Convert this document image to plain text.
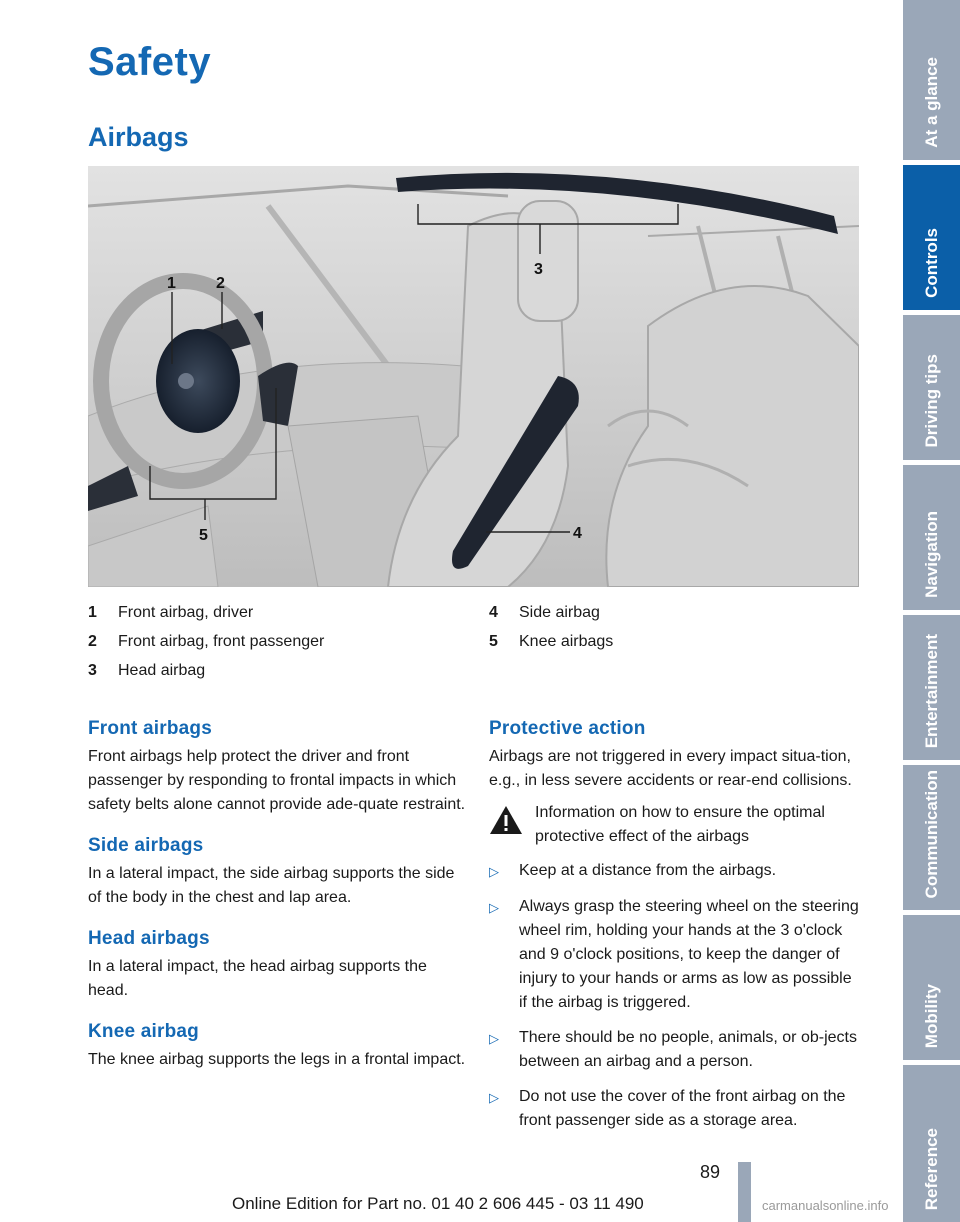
Safety
Airbags
1	2
3
4
5
1	Front airbag, driver
2	Front airbag, front passenger
3	Head airbag
4	Side airbag
5	Knee airbags
Front airbags
Front airbags help protect the driver and front passenger by responding to frontal impacts in which safety belts alone cannot provide ade-quate restraint.
Side airbags
In a lateral impact, the side airbag supports the side of the body in the chest and lap area.
Head airbags
In a lateral impact, the head airbag supports the head.
Knee airbag
The knee airbag supports the legs in a frontal impact.
Protective action
Airbags are not triggered in every impact situa-tion, e.g., in less severe accidents or rear-end collisions.
Information on how to ensure the optimal protective effect of the airbags
▷	Keep at a distance from the airbags.
▷	Always grasp the steering wheel on the steering wheel rim, holding your hands at the 3 o'clock and 9 o'clock positions, to keep the danger of injury to your hands or arms as low as possible if the airbag is triggered.
▷	There should be no people, animals, or ob-jects between an airbag and a person.
▷	Do not use the cover of the front airbag on the front passenger side as a storage area.
At a glance
Controls
Driving tips
Navigation
Entertainment
Communication
Mobility
Reference
89
Online Edition for Part no. 01 40 2 606 445 - 03 11 490	carmanualsonline.info
